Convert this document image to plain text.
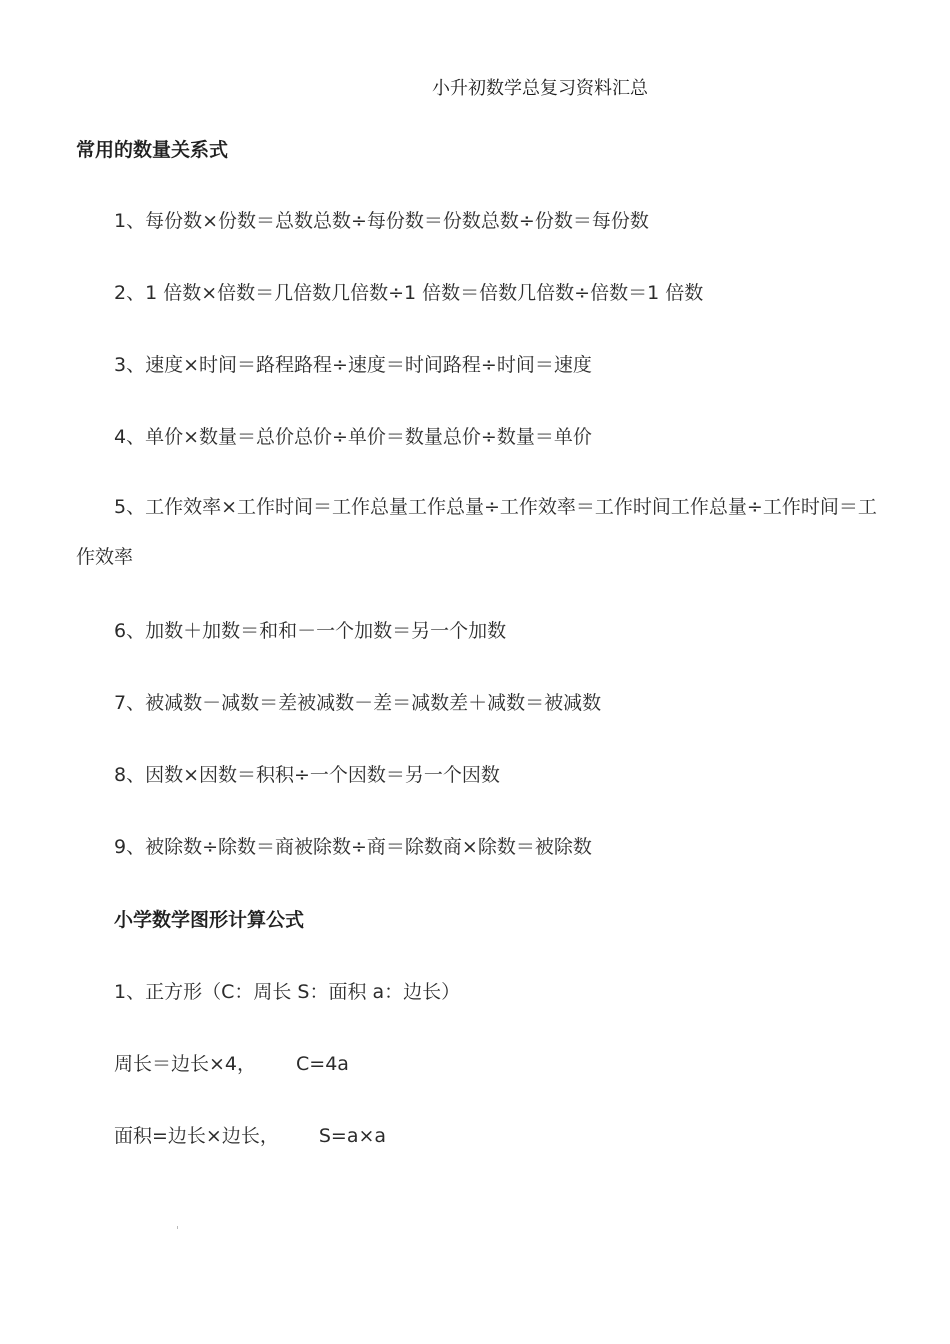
小升初数学总复习资料汇总
常用的数量关系式
1、每份数×份数＝总数总数÷每份数＝份数总数÷份数＝每份数
2、1 倍数×倍数＝几倍数几倍数÷1 倍数＝倍数几倍数÷倍数＝1 倍数
3、速度×时间＝路程路程÷速度＝时间路程÷时间＝速度
4、单价×数量＝总价总价÷单价＝数量总价÷数量＝单价
5、工作效率×工作时间＝工作总量工作总量÷工作效率＝工作时间工作总量÷工作时间＝工作效率
6、加数＋加数＝和和－一个加数＝另一个加数
7、被减数－减数＝差被减数－差＝减数差＋减数＝被减数
8、因数×因数＝积积÷一个因数＝另一个因数
9、被除数÷除数＝商被除数÷商＝除数商×除数＝被除数
小学数学图形计算公式
1、正方形（C：周长 S：面积 a：边长）
周长＝边长×4， C=4a
面积=边长×边长， S=a×a
